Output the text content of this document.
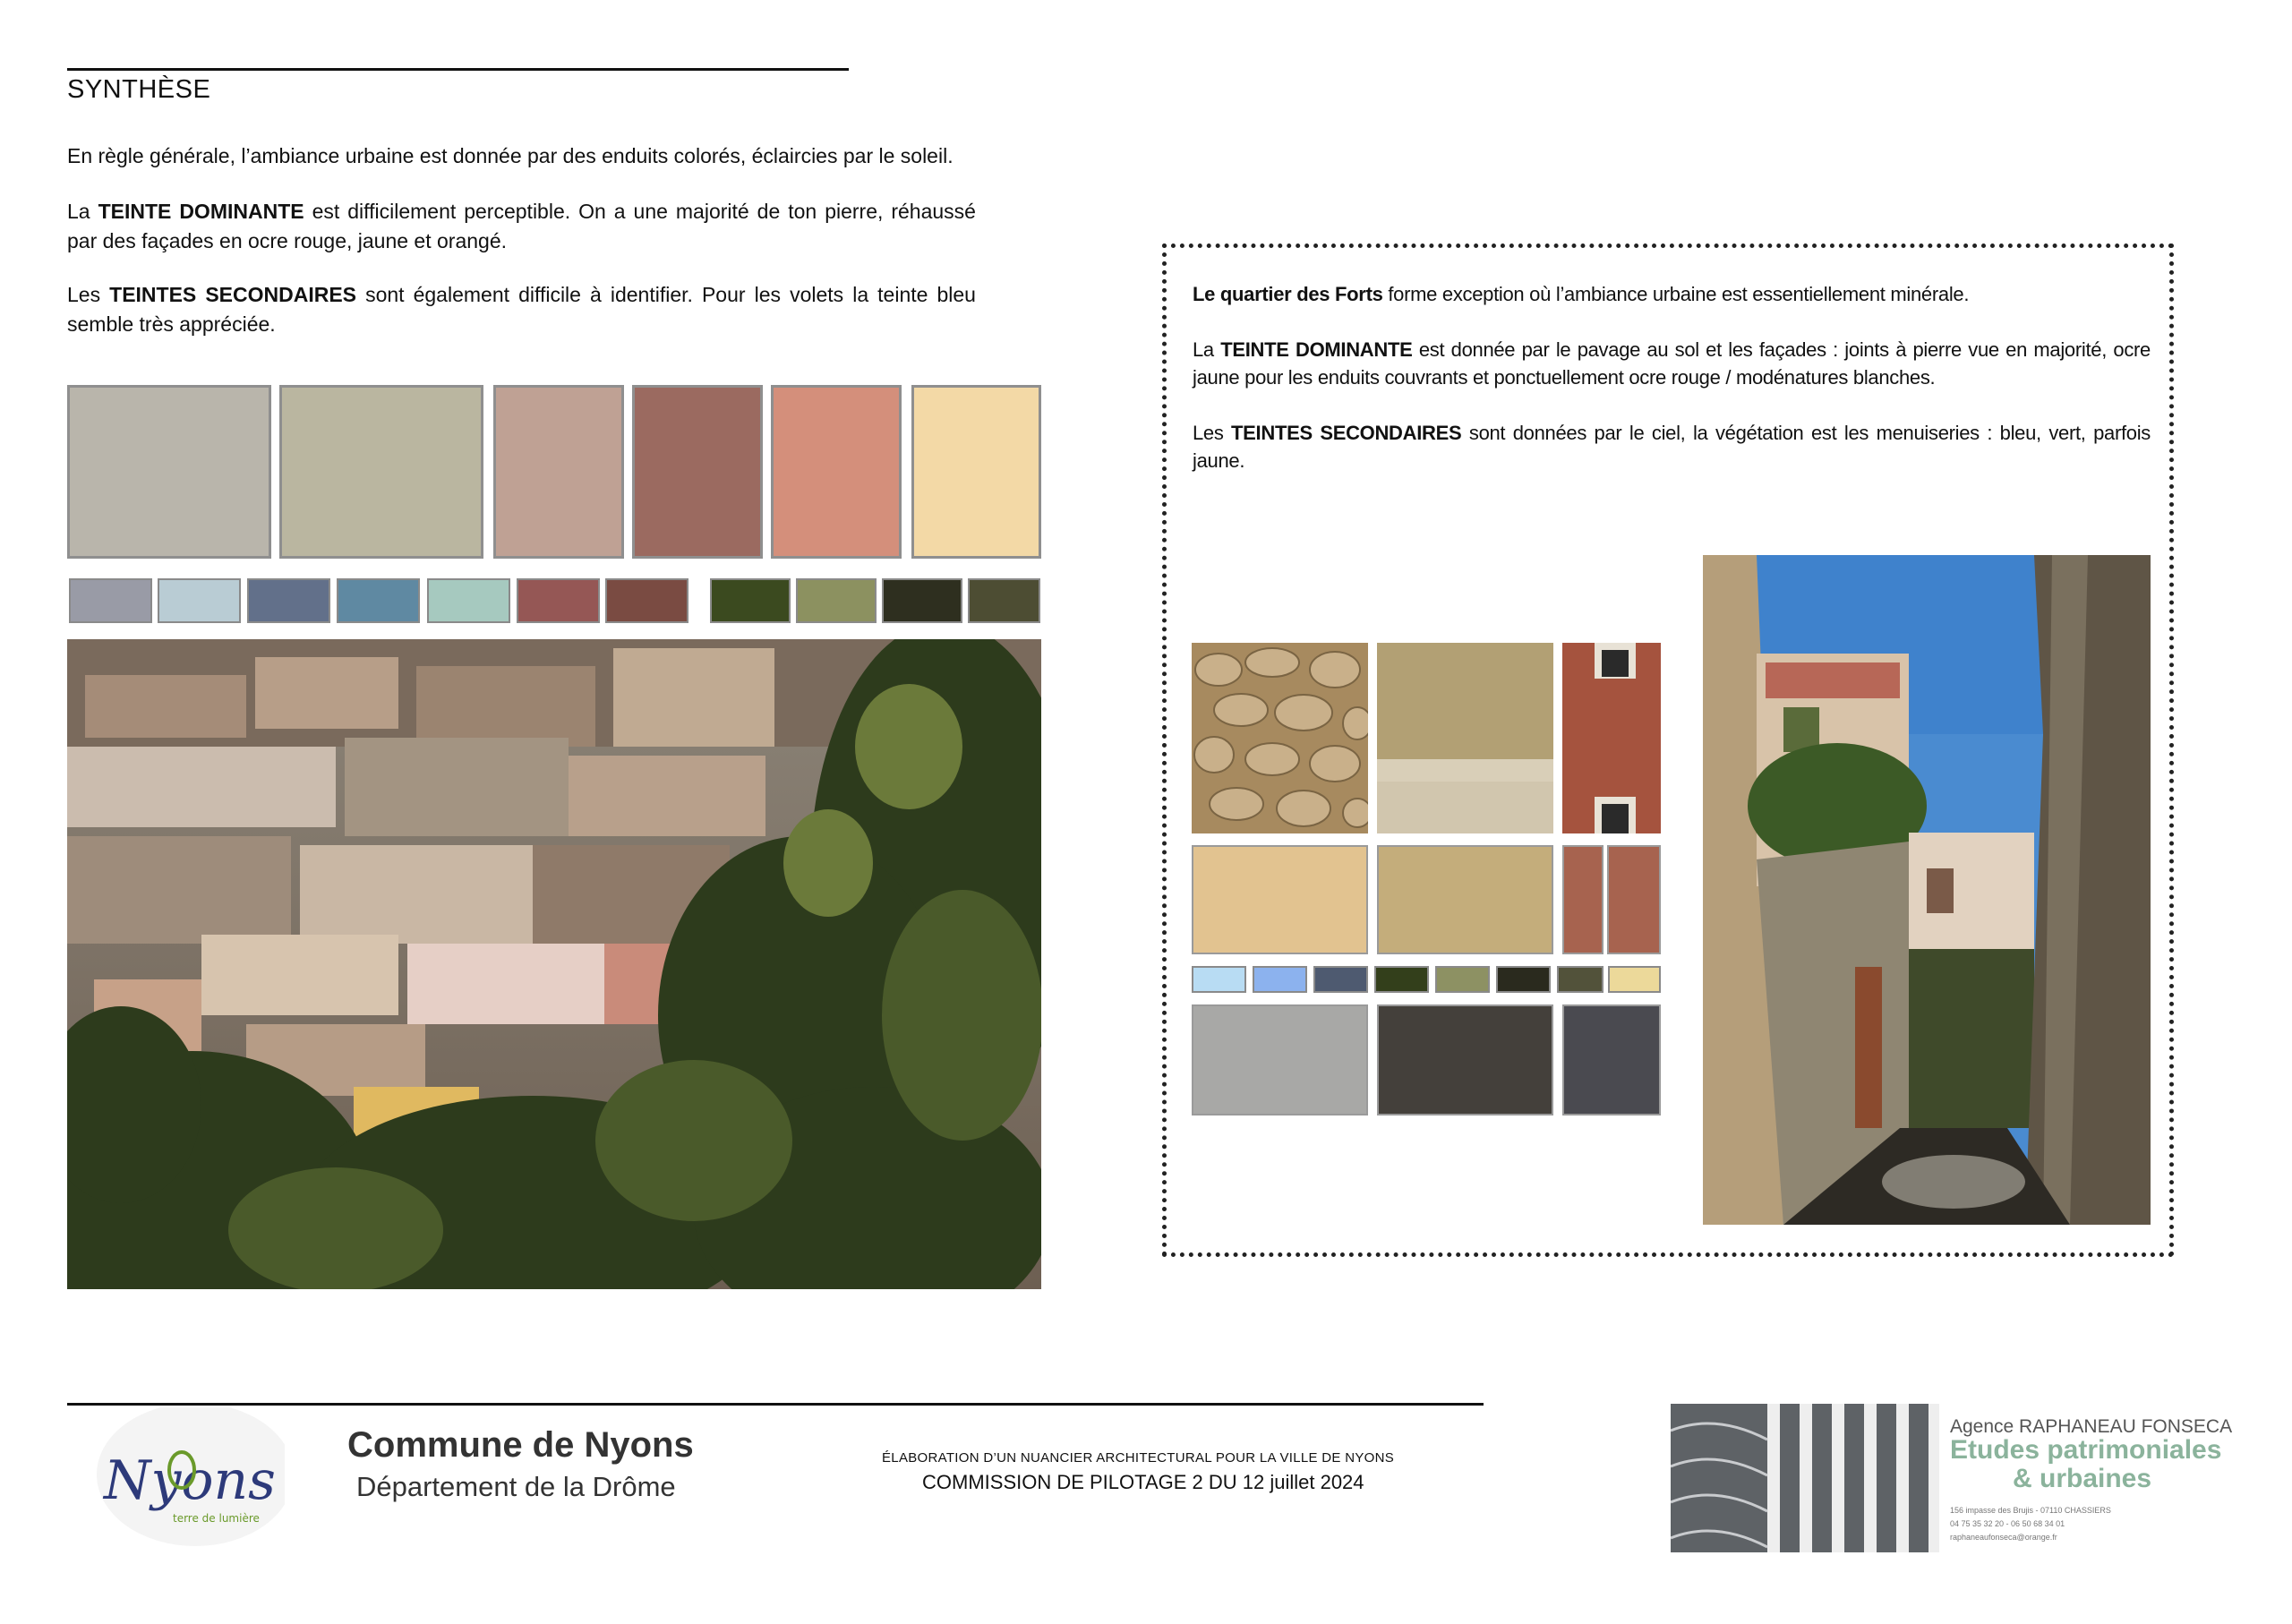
SYNTHÈSE
En règle générale, l’ambiance urbaine est donnée par des enduits colorés, éclaircies par le soleil.
La TEINTE DOMINANTE est difficilement perceptible. On a une majorité de ton pierre, réhaussé par des façades en ocre rouge, jaune et orangé.
Les TEINTES SECONDAIRES sont également difficile à identifier. Pour les volets la teinte bleu semble très appréciée.
Le quartier des Forts forme exception où l’ambiance urbaine est essentiellement minérale.
La TEINTE DOMINANTE est donnée par le pavage au sol et les façades : joints à pierre vue en majorité, ocre jaune pour les enduits couvrants et ponctuellement ocre rouge / modénatures blanches.
Les TEINTES SECONDAIRES sont données par le ciel, la végétation est les menuiseries : bleu, vert, parfois jaune.
Nyons
terre de lumière
Commune de Nyons
Département de la Drôme
ÉLABORATION D’UN NUANCIER ARCHITECTURAL POUR LA VILLE DE NYONS
COMMISSION DE PILOTAGE 2 DU 12 juillet 2024
Agence RAPHANEAU FONSECA
Etudes patrimoniales
& urbaines
156 impasse des Brujis - 07110 CHASSIERS
04 75 35 32 20 - 06 50 68 34 01
raphaneaufonseca@orange.fr
